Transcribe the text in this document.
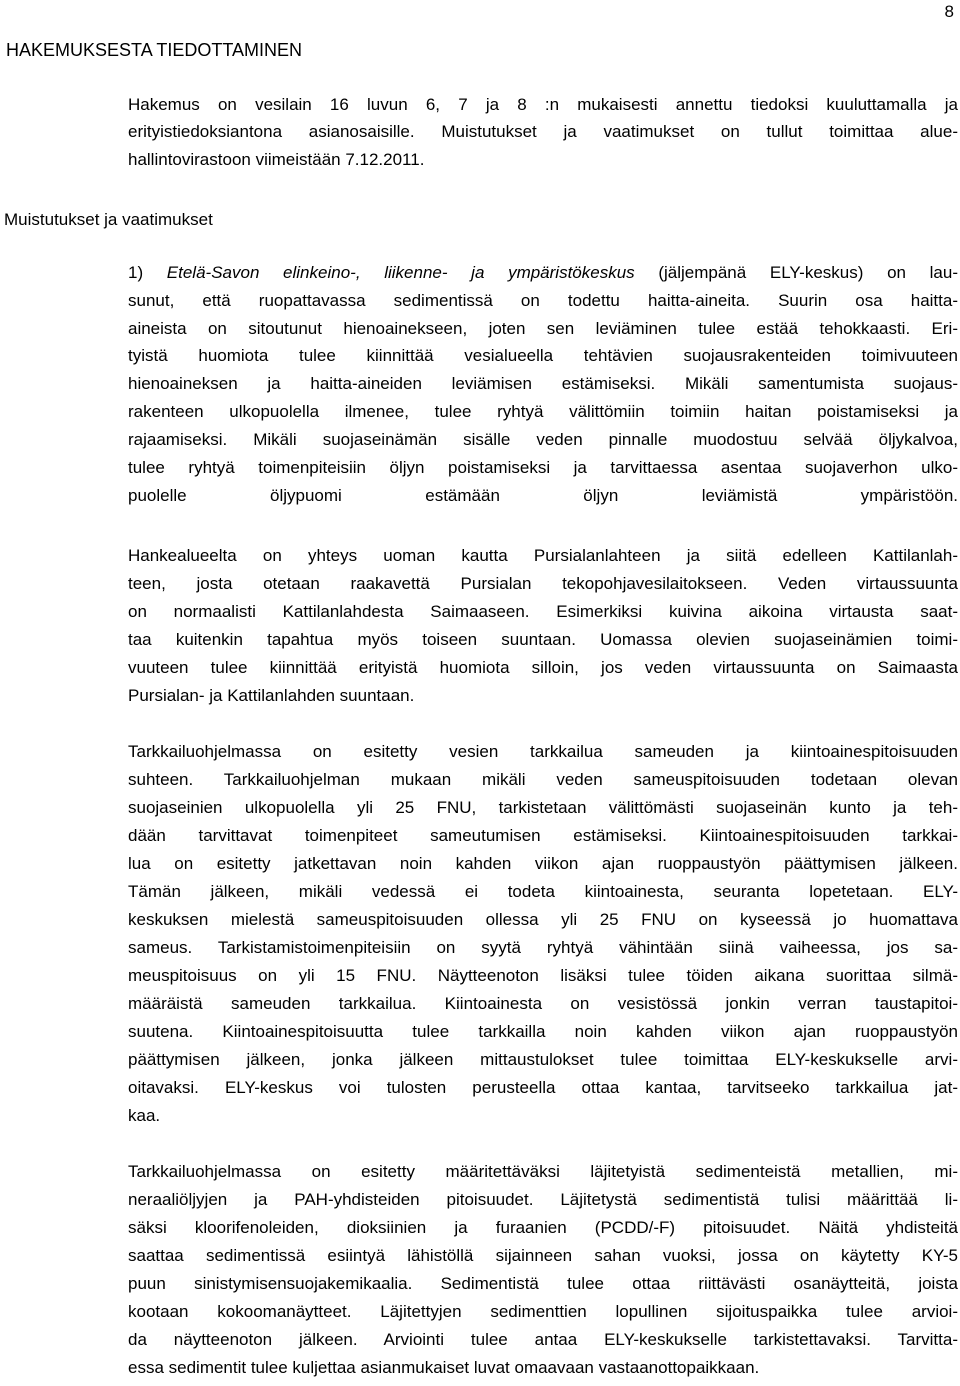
8
HAKEMUKSESTA TIEDOTTAMINEN
Muistutukset ja vaatimukset
Hakemus on vesilain 16 luvun 6, 7 ja 8 :n mukaisesti annettu tiedoksi kuuluttamalla ja
erityistiedoksiantona asianosaisille. Muistutukset ja vaatimukset on tullut toimittaa alue-
hallintovirastoon viimeistään 7.12.2011.
1) Etelä-Savon elinkeino-, liikenne- ja ympäristökeskus (jäljempänä ELY-keskus) on lau-
sunut, että ruopattavassa sedimentissä on todettu haitta-aineita. Suurin osa haitta-
aineista on sitoutunut hienoainekseen, joten sen leviäminen tulee estää tehokkaasti. Eri-
tyistä huomiota tulee kiinnittää vesialueella tehtävien suojausrakenteiden toimivuuteen
hienoaineksen ja haitta-aineiden leviämisen estämiseksi. Mikäli samentumista suojaus-
rakenteen ulkopuolella ilmenee, tulee ryhtyä välittömiin toimiin haitan poistamiseksi ja
rajaamiseksi. Mikäli suojaseinämän sisälle veden pinnalle muodostuu selvää öljykalvoa,
tulee ryhtyä toimenpiteisiin öljyn poistamiseksi ja tarvittaessa asentaa suojaverhon ulko-
puolelle öljypuomi estämään öljyn leviämistä ympäristöön.
Hankealueelta on yhteys uoman kautta Pursialanlahteen ja siitä edelleen Kattilanlah-
teen, josta otetaan raakavettä Pursialan tekopohjavesilaitokseen. Veden virtaussuunta
on normaalisti Kattilanlahdesta Saimaaseen. Esimerkiksi kuivina aikoina virtausta saat-
taa kuitenkin tapahtua myös toiseen suuntaan. Uomassa olevien suojaseinämien toimi-
vuuteen tulee kiinnittää erityistä huomiota silloin, jos veden virtaussuunta on Saimaasta
Pursialan- ja Kattilanlahden suuntaan.
Tarkkailuohjelmassa on esitetty vesien tarkkailua sameuden ja kiintoainespitoisuuden
suhteen. Tarkkailuohjelman mukaan mikäli veden sameuspitoisuuden todetaan olevan
suojaseinien ulkopuolella yli 25 FNU, tarkistetaan välittömästi suojaseinän kunto ja teh-
dään tarvittavat toimenpiteet sameutumisen estämiseksi. Kiintoainespitoisuuden tarkkai-
lua on esitetty jatkettavan noin kahden viikon ajan ruoppaustyön päättymisen jälkeen.
Tämän jälkeen, mikäli vedessä ei todeta kiintoainesta, seuranta lopetetaan. ELY-
keskuksen mielestä sameuspitoisuuden ollessa yli 25 FNU on kyseessä jo huomattava
sameus. Tarkistamistoimenpiteisiin on syytä ryhtyä vähintään siinä vaiheessa, jos sa-
meuspitoisuus on yli 15 FNU. Näytteenoton lisäksi tulee töiden aikana suorittaa silmä-
määräistä sameuden tarkkailua. Kiintoainesta on vesistössä jonkin verran taustapitoi-
suutena. Kiintoainespitoisuutta tulee tarkkailla noin kahden viikon ajan ruoppaustyön
päättymisen jälkeen, jonka jälkeen mittaustulokset tulee toimittaa ELY-keskukselle arvi-
oitavaksi. ELY-keskus voi tulosten perusteella ottaa kantaa, tarvitseeko tarkkailua jat-
kaa.
Tarkkailuohjelmassa on esitetty määritettäväksi läjitetyistä sedimenteistä metallien, mi-
neraaliöljyjen ja PAH-yhdisteiden pitoisuudet. Läjitetystä sedimentistä tulisi määrittää li-
säksi kloorifenoleiden, dioksiinien ja furaanien (PCDD/-F) pitoisuudet. Näitä yhdisteitä
saattaa sedimentissä esiintyä lähistöllä sijainneen sahan vuoksi, jossa on käytetty KY-5
puun sinistymisensuojakemikaalia. Sedimentistä tulee ottaa riittävästi osanäytteitä, joista
kootaan kokoomanäytteet. Läjitettyjen sedimenttien lopullinen sijoituspaikka tulee arvioi-
da näytteenoton jälkeen. Arviointi tulee antaa ELY-keskukselle tarkistettavaksi. Tarvitta-
essa sedimentit tulee kuljettaa asianmukaiset luvat omaavaan vastaanottopaikkaan.
